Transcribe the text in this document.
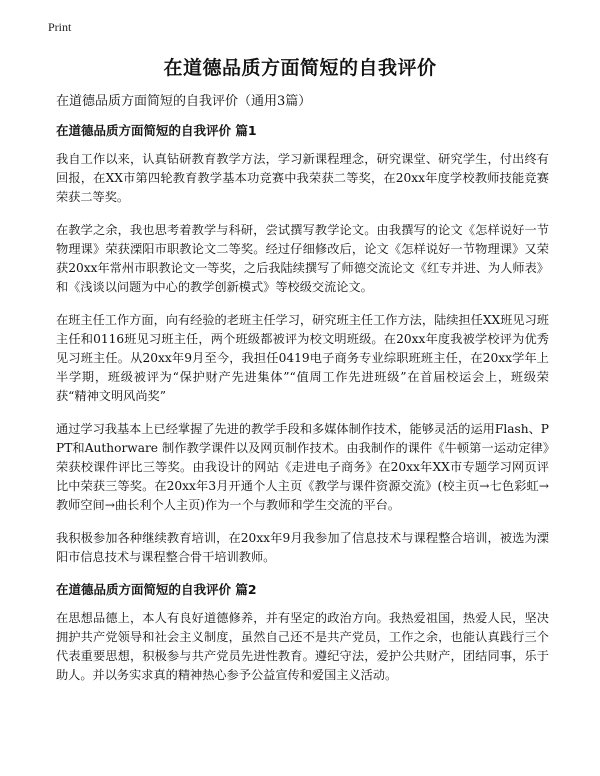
Print
在道德品质方面简短的自我评价

在道德品质方面简短的自我评价（通用3篇）

在道德品质方面简短的自我评价 篇1

我自工作以来，认真钻研教育教学方法，学习新课程理念，研究课堂、研究学生，付出终有回报，在XX市第四轮教育教学基本功竞赛中我荣获二等奖，在20xx年度学校教师技能竞赛荣获二等奖。

在教学之余，我也思考着教学与科研，尝试撰写教学论文。由我撰写的论文《怎样说好一节物理课》荣获溧阳市职教论文二等奖。经过仔细修改后，论文《怎样说好一节物理课》又荣获20xx年常州市职教论文一等奖，之后我陆续撰写了师德交流论文《红专并进、为人师表》和《浅谈以问题为中心的教学创新模式》等校级交流论文。

在班主任工作方面，向有经验的老班主任学习，研究班主任工作方法，陆续担任XX班见习班主任和0116班见习班主任，两个班级都被评为校文明班级。在20xx年度我被学校评为优秀见习班主任。从20xx年9月至今，我担任0419电子商务专业综职班班主任，在20xx学年上半学期，班级被评为“保护财产先进集体”“值周工作先进班级”在首届校运会上，班级荣获“精神文明风尚奖”

通过学习我基本上已经掌握了先进的教学手段和多媒体制作技术，能够灵活的运用Flash、PPT和Authorware 制作教学课件以及网页制作技术。由我制作的课件《牛顿第一运动定律》荣获校课件评比三等奖。由我设计的网站《走进电子商务》在20xx年XX市专题学习网页评比中荣获三等奖。在20xx年3月开通个人主页《教学与课件资源交流》(校主页→七色彩虹→教师空间→曲长利个人主页)作为一个与教师和学生交流的平台。

我积极参加各种继续教育培训，在20xx年9月我参加了信息技术与课程整合培训，被选为溧阳市信息技术与课程整合骨干培训教师。

在道德品质方面简短的自我评价 篇2

在思想品德上，本人有良好道德修养，并有坚定的政治方向。我热爱祖国，热爱人民，坚决拥护共产党领导和社会主义制度，虽然自己还不是共产党员，工作之余，也能认真践行三个代表重要思想，积极参与共产党员先进性教育。遵纪守法，爱护公共财产，团结同事，乐于助人。并以务实求真的精神热心参予公益宣传和爱国主义活动。
